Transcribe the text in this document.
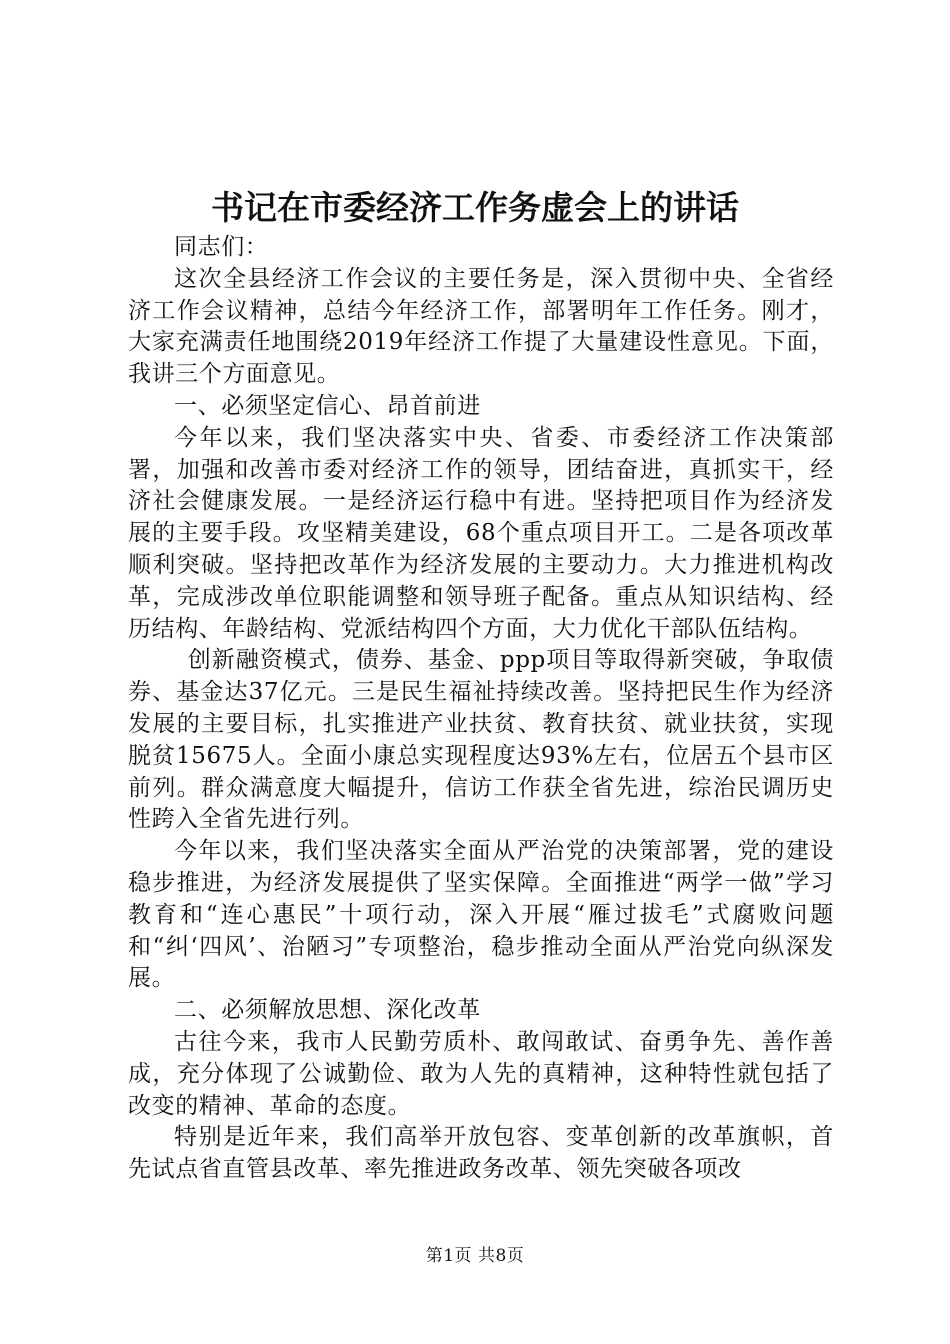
书记在市委经济工作务虚会上的讲话

同志们：

这次全县经济工作会议的主要任务是，深入贯彻中央、全省经济工作会议精神，总结今年经济工作，部署明年工作任务。刚才，大家充满责任地围绕2019年经济工作提了大量建设性意见。下面，我讲三个方面意见。

一、必须坚定信心、昂首前进

今年以来，我们坚决落实中央、省委、市委经济工作决策部署，加强和改善市委对经济工作的领导，团结奋进，真抓实干，经济社会健康发展。一是经济运行稳中有进。坚持把项目作为经济发展的主要手段。攻坚精美建设，68个重点项目开工。二是各项改革顺利突破。坚持把改革作为经济发展的主要动力。大力推进机构改革，完成涉改单位职能调整和领导班子配备。重点从知识结构、经历结构、年龄结构、党派结构四个方面，大力优化干部队伍结构。

创新融资模式，债券、基金、ppp项目等取得新突破，争取债券、基金达37亿元。三是民生福祉持续改善。坚持把民生作为经济发展的主要目标，扎实推进产业扶贫、教育扶贫、就业扶贫，实现脱贫15675人。全面小康总实现程度达93%左右，位居五个县市区前列。群众满意度大幅提升，信访工作获全省先进，综治民调历史性跨入全省先进行列。

今年以来，我们坚决落实全面从严治党的决策部署，党的建设稳步推进，为经济发展提供了坚实保障。全面推进“两学一做”学习教育和“连心惠民”十项行动，深入开展“雁过拔毛”式腐败问题和“纠‘四风’、治陋习”专项整治，稳步推动全面从严治党向纵深发展。

二、必须解放思想、深化改革

古往今来，我市人民勤劳质朴、敢闯敢试、奋勇争先、善作善成，充分体现了公诚勤俭、敢为人先的真精神，这种特性就包括了改变的精神、革命的态度。

特别是近年来，我们高举开放包容、变革创新的改革旗帜，首先试点省直管县改革、率先推进政务改革、领先突破各项改

第1页 共8页
